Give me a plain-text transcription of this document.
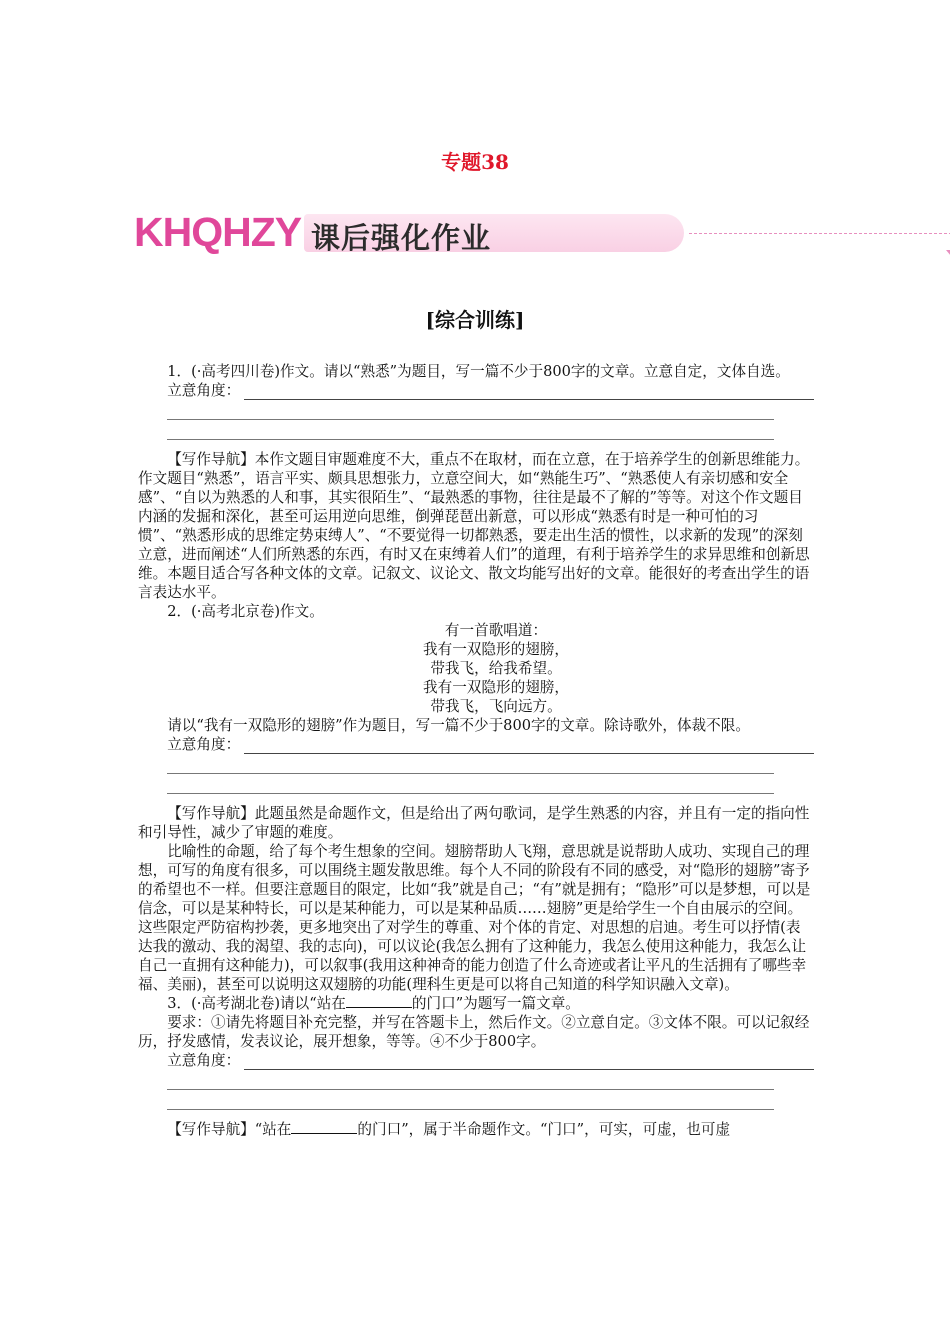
专题38
KHQHZY 课后强化作业
[综合训练]

1．(·高考四川卷)作文。请以“熟悉”为题目，写一篇不少于800字的文章。立意自定，文体自选。

立意角度：

【写作导航】本作文题目审题难度不大，重点不在取材，而在立意，在于培养学生的创新思维能力。作文题目“熟悉”，语言平实、颇具思想张力，立意空间大，如“熟能生巧”、“熟悉使人有亲切感和安全感”、“自以为熟悉的人和事，其实很陌生”、“最熟悉的事物，往往是最不了解的”等等。对这个作文题目内涵的发掘和深化，甚至可运用逆向思维，倒弹琵琶出新意，可以形成“熟悉有时是一种可怕的习惯”、“熟悉形成的思维定势束缚人”、“不要觉得一切都熟悉，要走出生活的惯性，以求新的发现”的深刻立意，进而阐述“人们所熟悉的东西，有时又在束缚着人们”的道理，有利于培养学生的求异思维和创新思维。本题目适合写各种文体的文章。记叙文、议论文、散文均能写出好的文章。能很好的考查出学生的语言表达水平。

2．(·高考北京卷)作文。

有一首歌唱道：

我有一双隐形的翅膀，

带我飞，给我希望。

我有一双隐形的翅膀，

带我飞，飞向远方。

请以“我有一双隐形的翅膀”作为题目，写一篇不少于800字的文章。除诗歌外，体裁不限。

立意角度：

【写作导航】此题虽然是命题作文，但是给出了两句歌词，是学生熟悉的内容，并且有一定的指向性和引导性，减少了审题的难度。

比喻性的命题，给了每个考生想象的空间。翅膀帮助人飞翔，意思就是说帮助人成功、实现自己的理想，可写的角度有很多，可以围绕主题发散思维。每个人不同的阶段有不同的感受，对“隐形的翅膀”寄予的希望也不一样。但要注意题目的限定，比如“我”就是自己；“有”就是拥有；“隐形”可以是梦想，可以是信念，可以是某种特长，可以是某种能力，可以是某种品质……翅膀”更是给学生一个自由展示的空间。这些限定严防宿构抄袭，更多地突出了对学生的尊重、对个体的肯定、对思想的启迪。考生可以抒情(表达我的激动、我的渴望、我的志向)，可以议论(我怎么拥有了这种能力，我怎么使用这种能力，我怎么让自己一直拥有这种能力)，可以叙事(我用这种神奇的能力创造了什么奇迹或者让平凡的生活拥有了哪些幸福、美丽)，甚至可以说明这双翅膀的功能(理科生更是可以将自己知道的科学知识融入文章)。

3．(·高考湖北卷)请以“站在	的门口”为题写一篇文章。

要求：①请先将题目补充完整，并写在答题卡上，然后作文。②立意自定。③文体不限。可以记叙经历，抒发感情，发表议论，展开想象，等等。④不少于800字。

立意角度：

【写作导航】“站在	的门口”，属于半命题作文。“门口”，可实，可虚，也可虚
